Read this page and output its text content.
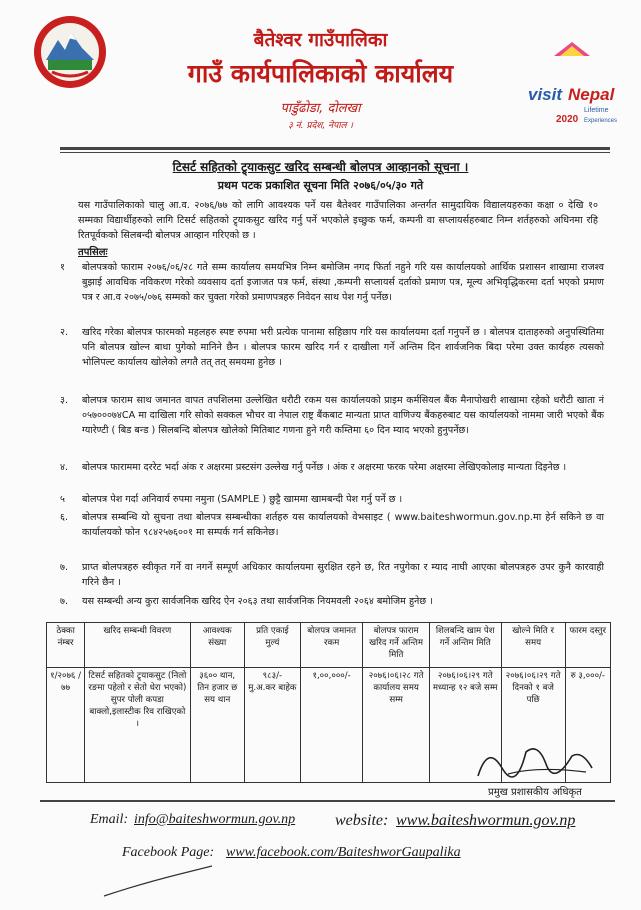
visit Nepal
Lifetime
2020 Experiences
बैतेश्वर गाउँपालिका
गाउँ कार्यपालिकाको कार्यालय
पाडुँढोडा, दोलखा
३ नं. प्रदेश, नेपाल ।
टिसर्ट सहितको ट्र्याकसुट खरिद सम्बन्धी बोलपत्र आव्हानको सूचना ।
प्रथम पटक प्रकाशित सूचना मिति २०७६/०५/३० गते
यस गाउँपालिकाको चालु आ.व. २०७६/७७ को लागि आवश्यक पर्ने यस बैतेश्वर गाउँपालिका अन्तर्गत सामुदायिक विद्यालयहरुका कक्षा ० देखि १० सम्मका विद्यार्थीहरुको लागि टिसर्ट सहितको ट्र्याकसुट खरिद गर्नु पर्ने भएकोले इच्छुक फर्म, कम्पनी वा सप्लायर्सहरुबाट निम्न शर्तहरुको अधिनमा रहि रितपूर्वकको सिलबन्दी बोलपत्र आव्हान गरिएको छ ।
तपसिलः
१ बोलपत्रको फाराम २०७६/०६/२८ गते सम्म कार्यालय समयभित्र निम्न बमोजिम नगद फिर्ता नहुने गरि यस कार्यालयको आर्थिक प्रशासन शाखामा राजश्व बुझाई आवधिक नविकरण गरेको व्यवसाय दर्ता इजाजत पत्र फर्म, संस्था ,कम्पनी सप्लायर्स दर्ताको प्रमाण पत्र, मूल्य अभिवृद्धिकरमा दर्ता भएको प्रमाण पत्र र आ.व २०७५/०७६ सम्मको कर चुक्ता गरेको प्रमाणपत्रहरु निवेदन साथ पेश गर्नु पर्नेछ।
२. खरिद गरेका बोलपत्र फारमको महलहरु स्पष्ट रुपमा भरी प्रत्येक पानामा सहिछाप गरि यस कार्यालयमा दर्ता गनुपर्ने छ । बोलपत्र दाताहरुको अनुपस्थितिमा पनि बोलपत्र खोल्न बाधा पुगेको मानिने छैन । बोलपत्र फारम खरिद गर्न र दाखीला गर्ने अन्तिम दिन शार्वजनिक बिदा परेमा उक्त कार्यहरु त्यसको भोलिपल्ट कार्यालय खोलेको लगतै तत् तत् समयमा हुनेछ ।
३. बोलपत्र फाराम साथ जमानत वापत तपशिलमा उल्लेखित धरौटी रकम यस कार्यालयको प्राइम कर्मसियल बैंक मैनापोखरी शाखामा रहेको धरौटी खाता नं ०५७०००७४CA मा दाखिला गरि सोको सक्कल भौचर वा नेपाल राष्ट्र बैंकबाट मान्यता प्राप्त वाणिज्य बैंकहरुबाट यस कार्यालयको नाममा जारी भएको बैंक ग्यारेण्टी ( बिड बन्ड ) सिलबन्दि बोलपत्र खोलेको मितिबाट गणना हुने गरी कम्तिमा ६० दिन म्याद भएको हुनुपर्नेछ।
४. बोलपत्र फाराममा दररेट भर्दा अंक र अक्षरमा प्रस्टसंग उल्लेख गर्नु पर्नेछ । अंक र अक्षरमा फरक परेमा अक्षरमा लेखिएकोलाइ मान्यता दिइनेछ ।
५ बोलपत्र पेश गर्दा अनिवार्य रुपमा नमुना (SAMPLE ) छुट्टै खाममा खामबन्दी पेश गर्नु पर्ने छ ।
६. बोलपत्र सम्बन्धि यो सुचना तथा बोलपत्र सम्बन्धीका शर्तहरु यस कार्यालयको वेभसाइट ( www.baiteshwormun.gov.np.मा हेर्न सकिने छ वा कार्यालयको फोन ९८४२५७६००१ मा सम्पर्क गर्न सकिनेछ।
७. प्राप्त बोलपत्रहरु स्वीकृत गर्ने वा नगर्ने सम्पूर्ण अधिकार कार्यालयमा सुरक्षित रहने छ, रित नपुगेका र म्याद नाघी आएका बोलपत्रहरु उपर कुनै कारवाही गरिने छैन ।
७. यस सम्बन्धी अन्य कुरा सार्वजनिक खरिद ऐन २०६३ तथा सार्वजनिक नियमवली २०६४ बमोजिम हुनेछ ।
ठेक्का नंम्बर	खरिद सम्बन्धी विवरण	आवश्यक संख्या	प्रति एकाई मुल्यं	बोलपत्र जमानत रकम	बोलपत्र फाराम खरिद गर्ने अन्तिम मिति	शिलबन्दि खाम पेश गर्ने अन्तिम मिति	खोल्ने मिति र समय	फारम दस्तुर
१/२०७६ /७७	टिसर्ट सहितको ट्र्याकसुट (निलो रङमा पहेलो र सेतो धेरा भएको) सुपर पोली कपडा बाक्लो,इलास्टीक रिव राखिएको ।	३६०० थान, तिन हजार छ सय थान	९८३/- मु.अ.कर बाहेक	१,००,०००/-	२०७६।०६।२८ गते कार्यालय समय सम्म	२०७६।०६।२९ गते मध्यान्ह १२ बजे सम्म	२०७६।०६।२९ गते दिनको १ बजे पछि	रु ३,०००/-
प्रमुख प्रशासकीय अधिकृत
Email: info@baiteshwormun.gov.np website: www.baiteshwormun.gov.np
Facebook Page: www.facebook.com/BaiteshworGaupalika
